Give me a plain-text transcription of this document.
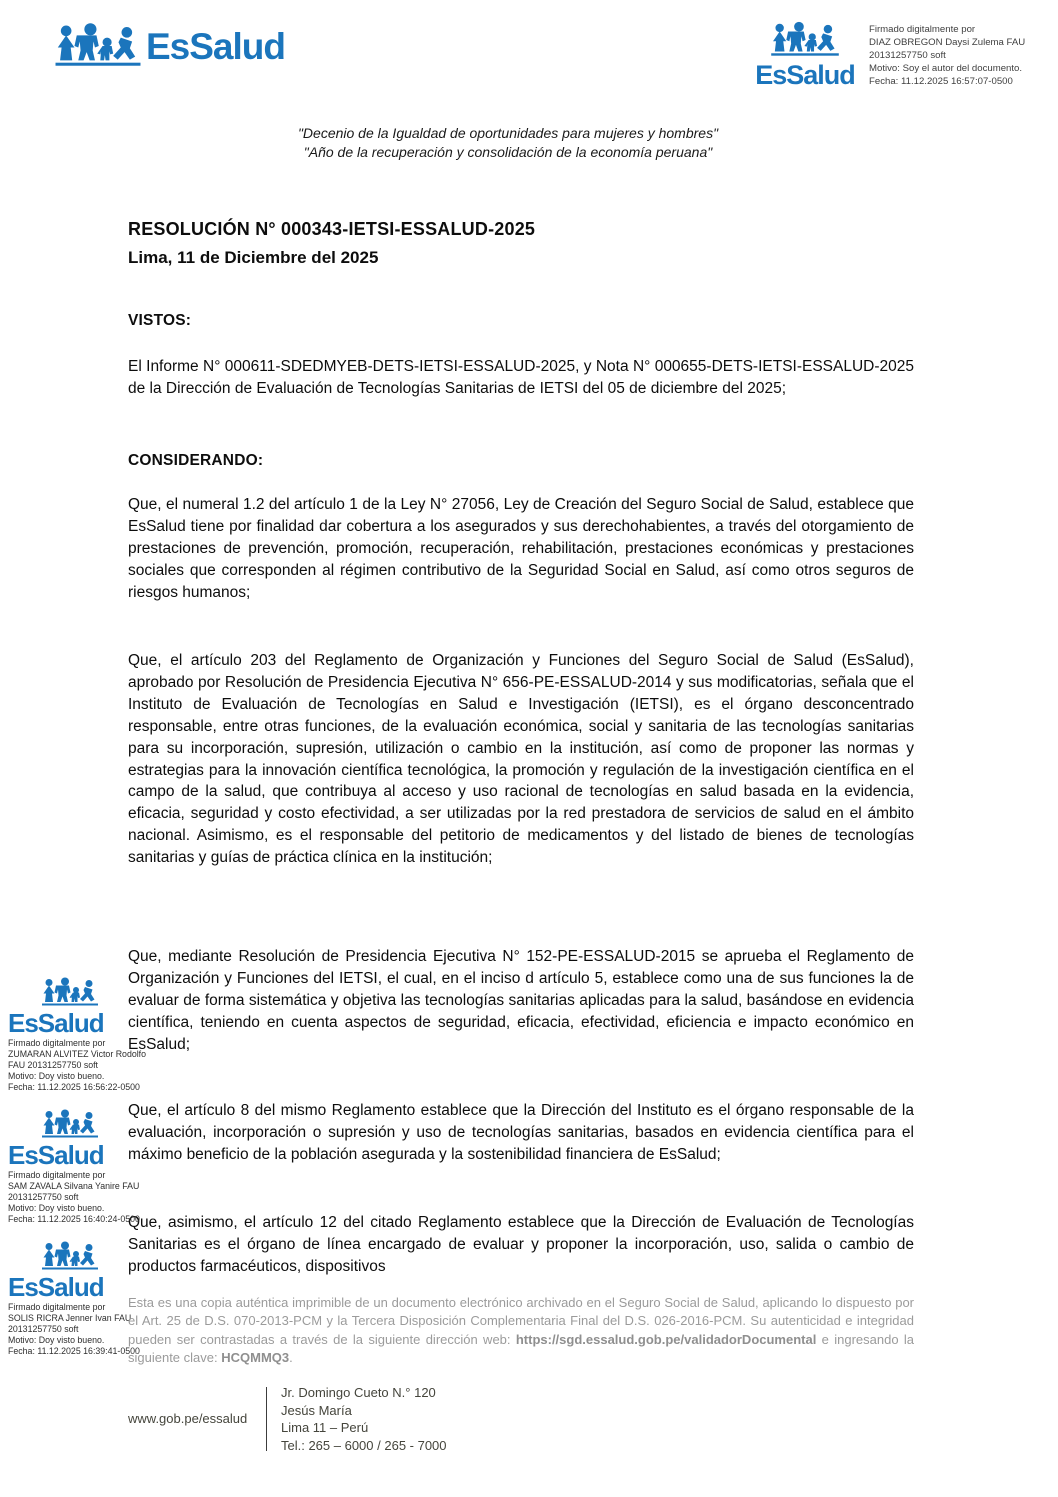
EsSalud
EsSalud
Firmado digitalmente por
DIAZ OBREGON Daysi Zulema FAU
20131257750 soft
Motivo: Soy el autor del documento.
Fecha: 11.12.2025 16:57:07-0500
"Decenio de la Igualdad de oportunidades para mujeres y hombres"
"Año de la recuperación y consolidación de la economía peruana"
RESOLUCIÓN N° 000343-IETSI-ESSALUD-2025
Lima, 11 de Diciembre del 2025
VISTOS:
El Informe N° 000611-SDEDMYEB-DETS-IETSI-ESSALUD-2025, y Nota N° 000655-DETS-IETSI-ESSALUD-2025 de la Dirección de Evaluación de Tecnologías Sanitarias de IETSI del 05 de diciembre del 2025;
CONSIDERANDO:
Que, el numeral 1.2 del artículo 1 de la Ley N° 27056, Ley de Creación del Seguro Social de Salud, establece que EsSalud tiene por finalidad dar cobertura a los asegurados y sus derechohabientes, a través del otorgamiento de prestaciones de prevención, promoción, recuperación, rehabilitación, prestaciones económicas y prestaciones sociales que corresponden al régimen contributivo de la Seguridad Social en Salud, así como otros seguros de riesgos humanos;
Que, el artículo 203 del Reglamento de Organización y Funciones del Seguro Social de Salud (EsSalud), aprobado por Resolución de Presidencia Ejecutiva N° 656-PE-ESSALUD-2014 y sus modificatorias, señala que el Instituto de Evaluación de Tecnologías en Salud e Investigación (IETSI), es el órgano desconcentrado responsable, entre otras funciones, de la evaluación económica, social y sanitaria de las tecnologías sanitarias para su incorporación, supresión, utilización o cambio en la institución, así como de proponer las normas y estrategias para la innovación científica tecnológica, la promoción y regulación de la investigación científica en el campo de la salud, que contribuya al acceso y uso racional de tecnologías en salud basada en la evidencia, eficacia, seguridad y costo efectividad, a ser utilizadas por la red prestadora de servicios de salud en el ámbito nacional. Asimismo, es el responsable del petitorio de medicamentos y del listado de bienes de tecnologías sanitarias y guías de práctica clínica en la institución;
Que, mediante Resolución de Presidencia Ejecutiva N° 152-PE-ESSALUD-2015 se aprueba el Reglamento de Organización y Funciones del IETSI, el cual, en el inciso d artículo 5, establece como una de sus funciones la de evaluar de forma sistemática y objetiva las tecnologías sanitarias aplicadas para la salud, basándose en evidencia científica, teniendo en cuenta aspectos de seguridad, eficacia, efectividad, eficiencia e impacto económico en EsSalud;
Que, el artículo 8 del mismo Reglamento establece que la Dirección del Instituto es el órgano responsable de la evaluación, incorporación o supresión y uso de tecnologías sanitarias, basados en evidencia científica para el máximo beneficio de la población asegurada y la sostenibilidad financiera de EsSalud;
Que, asimismo, el artículo 12 del citado Reglamento establece que la Dirección de Evaluación de Tecnologías Sanitarias es el órgano de línea encargado de evaluar y proponer la incorporación, uso, salida o cambio de productos farmacéuticos, dispositivos
EsSalud
Firmado digitalmente por
ZUMARAN ALVITEZ Victor Rodolfo
FAU 20131257750 soft
Motivo: Doy visto bueno.
Fecha: 11.12.2025 16:56:22-0500
EsSalud
Firmado digitalmente por
SAM ZAVALA Silvana Yanire FAU
20131257750 soft
Motivo: Doy visto bueno.
Fecha: 11.12.2025 16:40:24-0500
EsSalud
Firmado digitalmente por
SOLIS RICRA Jenner Ivan FAU
20131257750 soft
Motivo: Doy visto bueno.
Fecha: 11.12.2025 16:39:41-0500
Esta es una copia auténtica imprimible de un documento electrónico archivado en el Seguro Social de Salud, aplicando lo dispuesto por el Art. 25 de D.S. 070-2013-PCM y la Tercera Disposición Complementaria Final del D.S. 026-2016-PCM. Su autenticidad e integridad pueden ser contrastadas a través de la siguiente dirección web: https://sgd.essalud.gob.pe/validadorDocumental e ingresando la siguiente clave: HCQMMQ3.
www.gob.pe/essalud
Jr. Domingo Cueto N.° 120
Jesús María
Lima 11 – Perú
Tel.: 265 – 6000 / 265 - 7000
